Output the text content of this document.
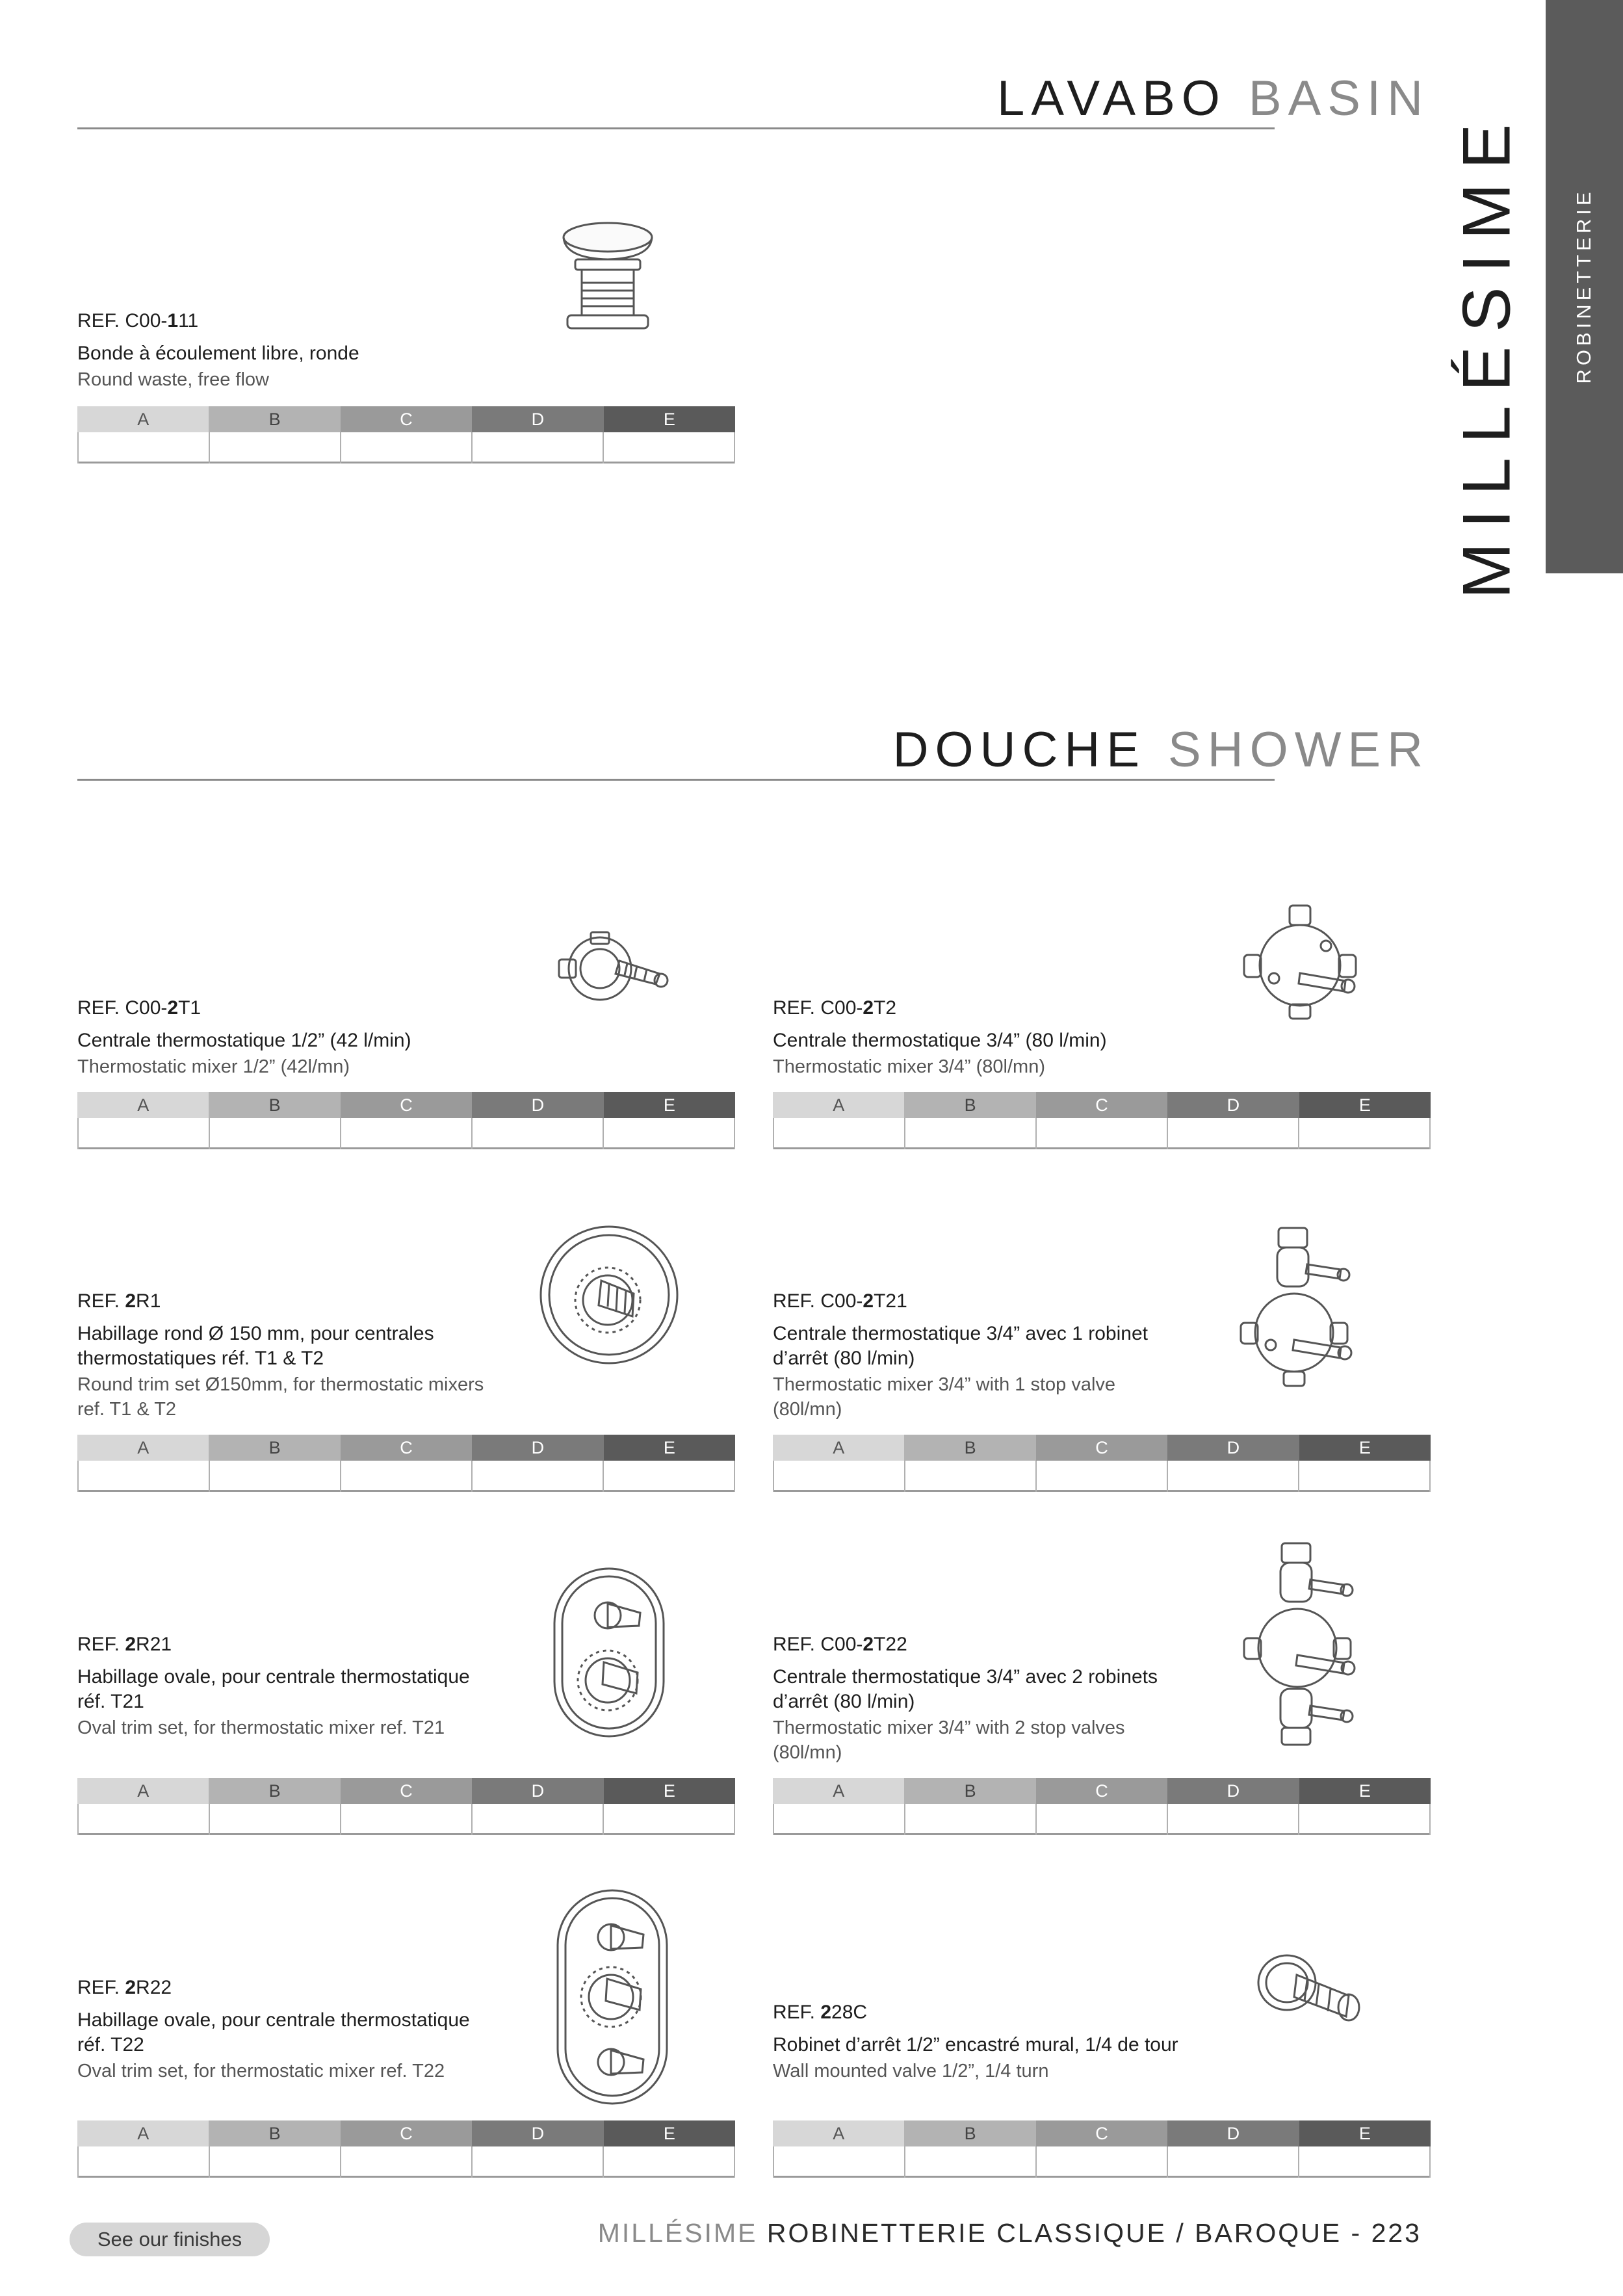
ROBINETTERIE
MILLÉSIME
LAVABO BASIN
REF. C00-111
Bonde à écoulement libre, ronde
Round waste, free flow
A	B	C	D	E
DOUCHE SHOWER
REF. C00-2T1
Centrale thermostatique 1/2” (42 l/min)
Thermostatic mixer 1/2” (42l/mn)
A	B	C	D	E
REF. C00-2T2
Centrale thermostatique 3/4” (80 l/min)
Thermostatic mixer 3/4” (80l/mn)
A	B	C	D	E
REF. 2R1
Habillage rond Ø 150 mm, pour centrales thermostatiques réf. T1 & T2
Round trim set Ø150mm, for thermostatic mixers ref. T1 & T2
A	B	C	D	E
REF. C00-2T21
Centrale thermostatique 3/4” avec 1 robinet d’arrêt (80 l/min)
Thermostatic mixer 3/4” with 1 stop valve (80l/mn)
A	B	C	D	E
REF. 2R21
Habillage ovale, pour centrale thermostatique réf. T21
Oval trim set, for thermostatic mixer ref. T21
A	B	C	D	E
REF. C00-2T22
Centrale thermostatique 3/4” avec 2 robinets d’arrêt (80 l/min)
Thermostatic mixer 3/4” with 2 stop valves (80l/mn)
A	B	C	D	E
REF. 2R22
Habillage ovale, pour centrale thermostatique réf. T22
Oval trim set, for thermostatic mixer ref. T22
A	B	C	D	E
REF. 228C
Robinet d’arrêt 1/2” encastré mural, 1/4 de tour
Wall mounted valve 1/2”, 1/4 turn
A	B	C	D	E
See our finishes	MILLÉSIME ROBINETTERIE CLASSIQUE / BAROQUE - 223
